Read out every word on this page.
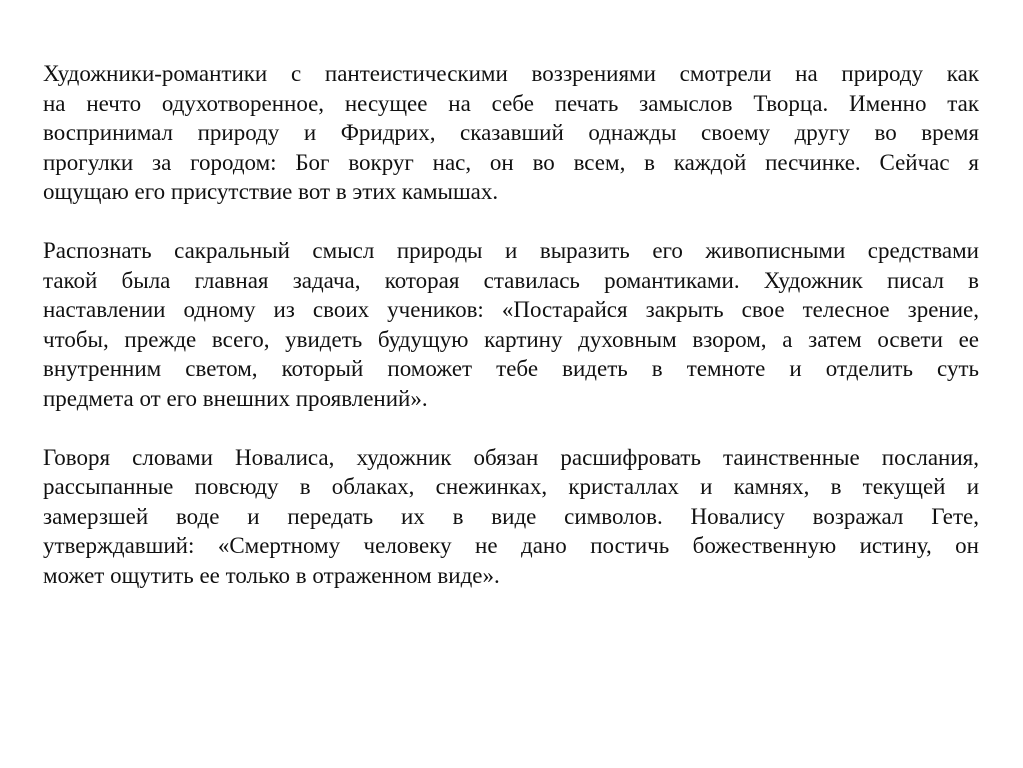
Художники-романтики с пантеистическими воззрениями смотрели на природу как
на нечто одухотворенное, несущее на себе печать замыслов Творца. Именно так
воспринимал природу и Фридрих, сказавший однажды своему другу во время
прогулки за городом: Бог вокруг нас, он во всем, в каждой песчинке. Сейчас я
ощущаю его присутствие вот в этих камышах.
Распознать сакральный смысл природы и выразить его живописными средствами
такой была главная задача, которая ставилась романтиками. Художник писал в
наставлении одному из своих учеников: «Постарайся закрыть свое телесное зрение,
чтобы, прежде всего, увидеть будущую картину духовным взором, а затем освети ее
внутренним светом, который поможет тебе видеть в темноте и отделить суть
предмета от его внешних проявлений».
Говоря словами Новалиса, художник обязан расшифровать таинственные послания,
рассыпанные повсюду в облаках, снежинках, кристаллах и камнях, в текущей и
замерзшей воде и передать их в виде символов. Новалису возражал Гете,
утверждавший: «Смертному человеку не дано постичь божественную истину, он
может ощутить ее только в отраженном виде».
